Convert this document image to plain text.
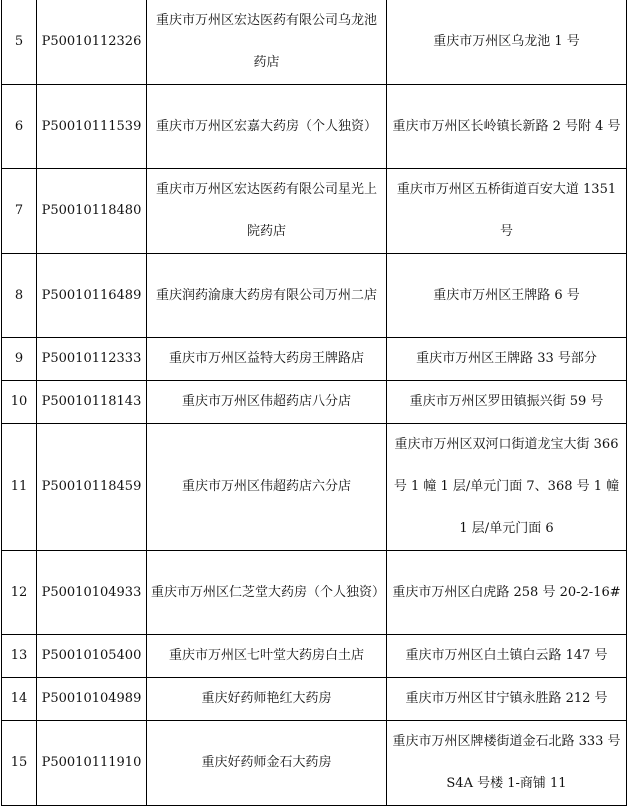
5	P50010112326	重庆市万州区宏达医药有限公司乌龙池药店	重庆市万州区乌龙池 1 号
6	P50010111539	重庆市万州区宏嘉大药房（个人独资）	重庆市万州区长岭镇长新路 2 号附 4 号
7	P50010118480	重庆市万州区宏达医药有限公司星光上院药店	重庆市万州区五桥街道百安大道 1351 号
8	P50010116489	重庆润药渝康大药房有限公司万州二店	重庆市万州区王牌路 6 号
9	P50010112333	重庆市万州区益特大药房王牌路店	重庆市万州区王牌路 33 号部分
10	P50010118143	重庆市万州区伟超药店八分店	重庆市万州区罗田镇振兴街 59 号
11	P50010118459	重庆市万州区伟超药店六分店	重庆市万州区双河口街道龙宝大街 366 号 1 幢 1 层/单元门面 7、368 号 1 幢 1 层/单元门面 6
12	P50010104933	重庆市万州区仁芝堂大药房（个人独资）	重庆市万州区白虎路 258 号 20-2-16#
13	P50010105400	重庆市万州区七叶堂大药房白土店	重庆市万州区白土镇白云路 147 号
14	P50010104989	重庆好药师艳红大药房	重庆市万州区甘宁镇永胜路 212 号
15	P50010111910	重庆好药师金石大药房	重庆市万州区牌楼街道金石北路 333 号 S4A 号楼 1-商铺 11
